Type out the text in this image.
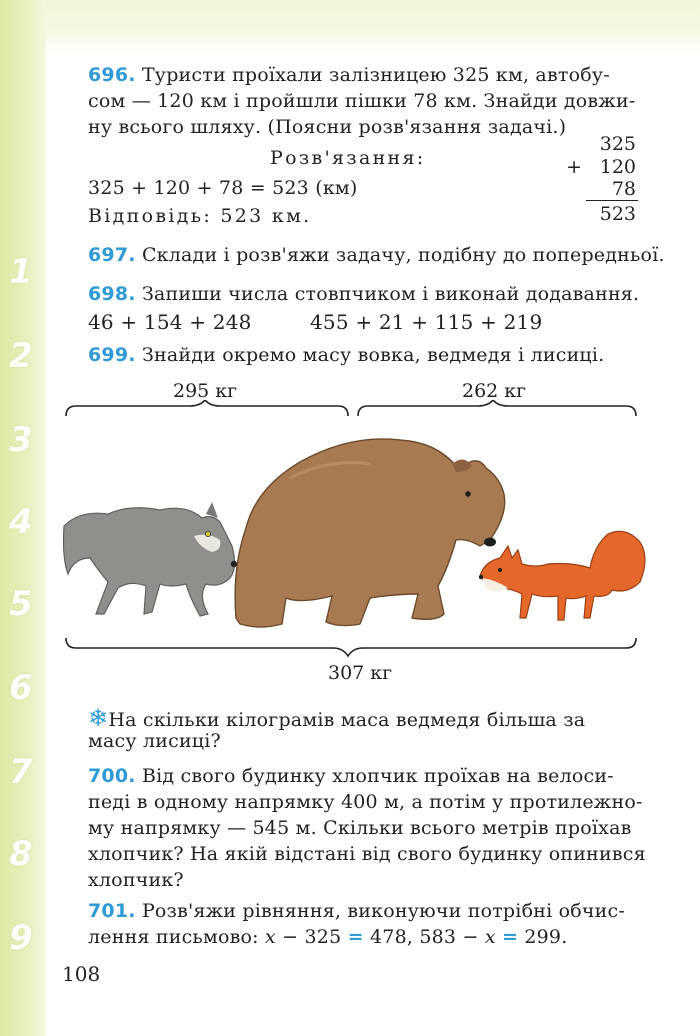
1
2
3
4
5
6
7
8
9
696. Туристи проїхали залізницею 325 км, автобу-
сом — 120 км і пройшли пішки 78 км. Знайди довжи-
ну всього шляху. (Поясни розв'язання задачі.)
Розв'язання:
325 + 120 + 78 = 523 (км)
Відповідь: 523 км.
325
+ 120
78
523
697. Склади і розв'яжи задачу, подібну до попередньої.
698. Запиши числа стовпчиком і виконай додавання.
46 + 154 + 248	455 + 21 + 115 + 219
699. Знайди окремо масу вовка, ведмедя і лисиці.
295 кг	262 кг
307 кг
❄На скільки кілограмів маса ведмедя більша за
масу лисиці?
700. Від свого будинку хлопчик проїхав на велоси-
педі в одному напрямку 400 м, а потім у протилежно-
му напрямку — 545 м. Скільки всього метрів проїхав
хлопчик? На якій відстані від свого будинку опинився
хлопчик?
701. Розв'яжи рівняння, виконуючи потрібні обчис-
лення письмово: x − 325 = 478, 583 − x = 299.
108
